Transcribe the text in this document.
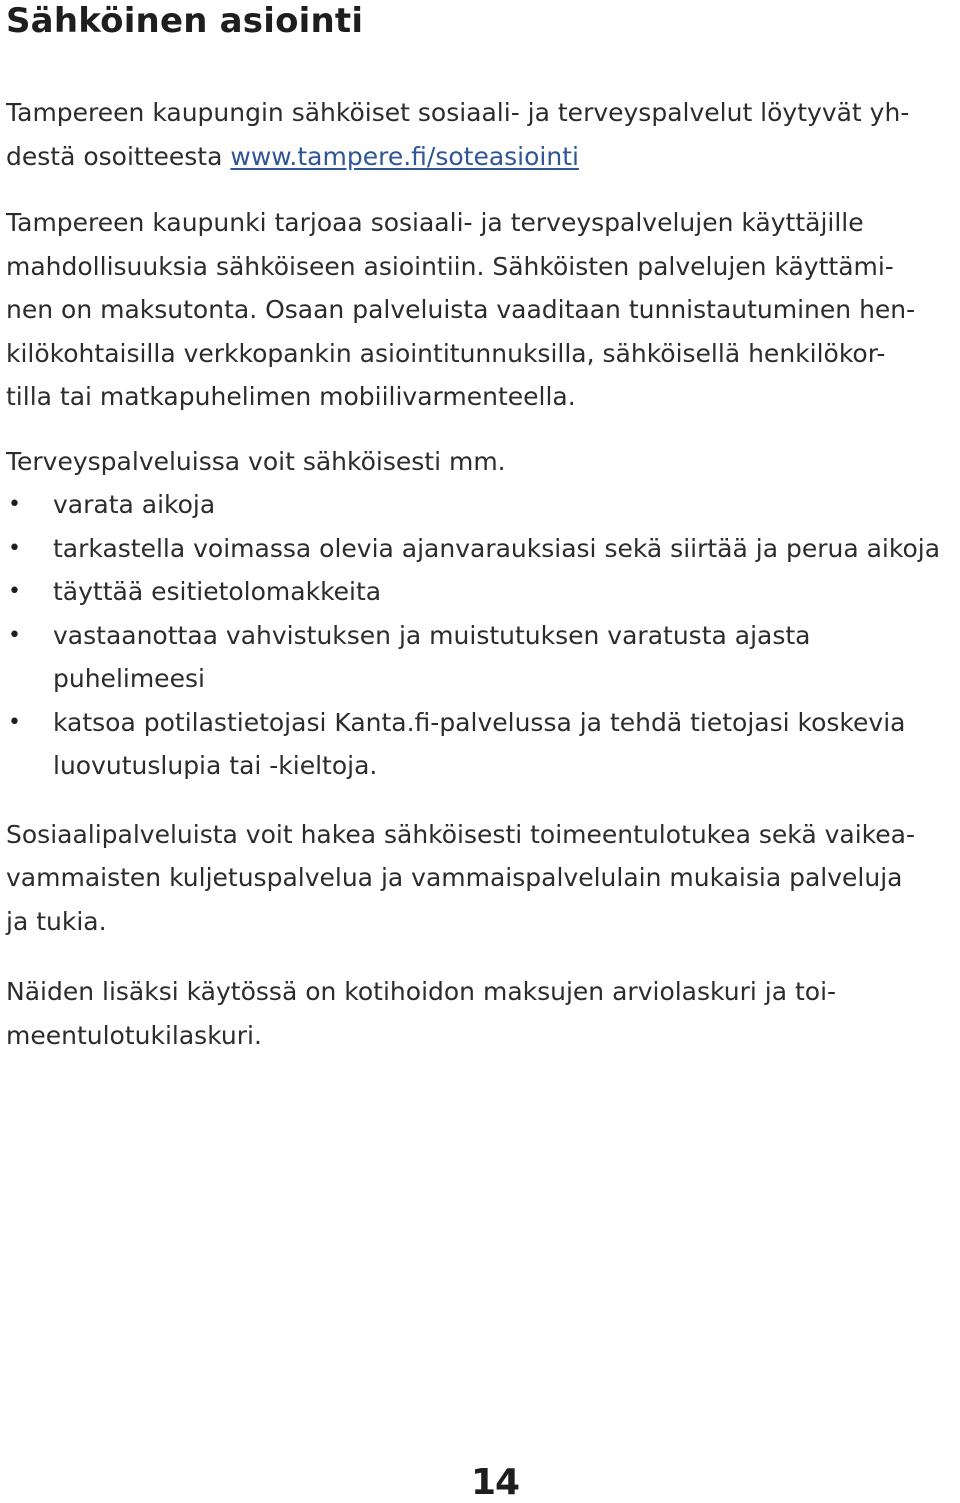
Sähköinen asiointi

Tampereen kaupungin sähköiset sosiaali- ja terveyspalvelut löytyvät yh-
destä osoitteesta www.tampere.fi/soteasiointi

Tampereen kaupunki tarjoaa sosiaali- ja terveyspalvelujen käyttäjille
mahdollisuuksia sähköiseen asiointiin. Sähköisten palvelujen käyttämi-
nen on maksutonta. Osaan palveluista vaaditaan tunnistautuminen hen-
kilökohtaisilla verkkopankin asiointitunnuksilla, sähköisellä henkilökor-
tilla tai matkapuhelimen mobiilivarmenteella.

Terveyspalveluissa voit sähköisesti mm.

• varata aikoja
• tarkastella voimassa olevia ajanvarauksiasi sekä siirtää ja perua aikoja
• täyttää esitietolomakkeita
• vastaanottaa vahvistuksen ja muistutuksen varatusta ajasta puhelimeesi
• katsoa potilastietojasi Kanta.fi-palvelussa ja tehdä tietojasi koskevia luovutuslupia tai -kieltoja.

Sosiaalipalveluista voit hakea sähköisesti toimeentulotukea sekä vaikea-
vammaisten kuljetuspalvelua ja vammaispalvelulain mukaisia palveluja
ja tukia.

Näiden lisäksi käytössä on kotihoidon maksujen arviolaskuri ja toi-
meentulotukilaskuri.

14
